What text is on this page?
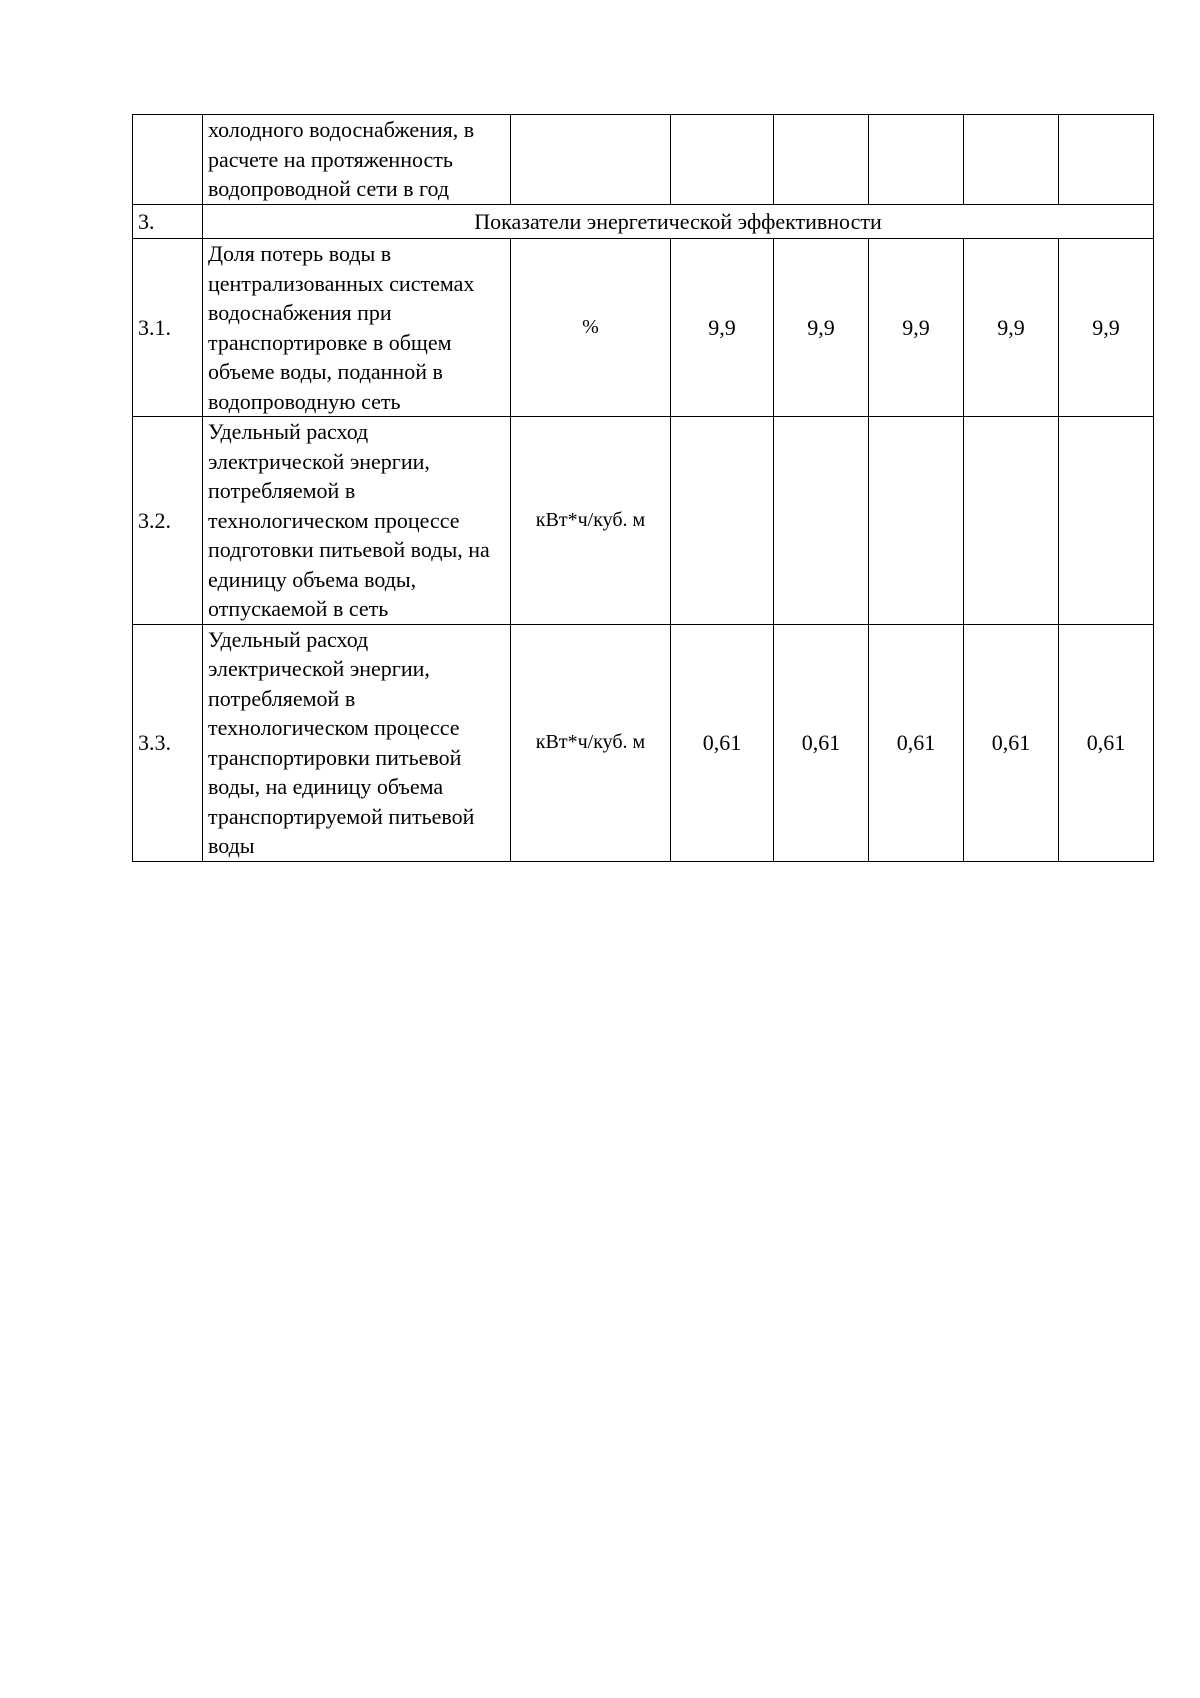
	холодного водоснабжения, в расчете на протяженность водопроводной сети в год						
3.	Показатели энергетической эффективности						
3.1.	Доля потерь воды в централизованных системах водоснабжения при транспортировке в общем объеме воды, поданной в водопроводную сеть	%	9,9	9,9	9,9	9,9	9,9
3.2.	Удельный расход электрической энергии, потребляемой в технологическом процессе подготовки питьевой воды, на единицу объема воды, отпускаемой в сеть	кВт*ч/куб. м					
3.3.	Удельный расход электрической энергии, потребляемой в технологическом процессе транспортировки питьевой воды, на единицу объема транспортируемой питьевой воды	кВт*ч/куб. м	0,61	0,61	0,61	0,61	0,61
